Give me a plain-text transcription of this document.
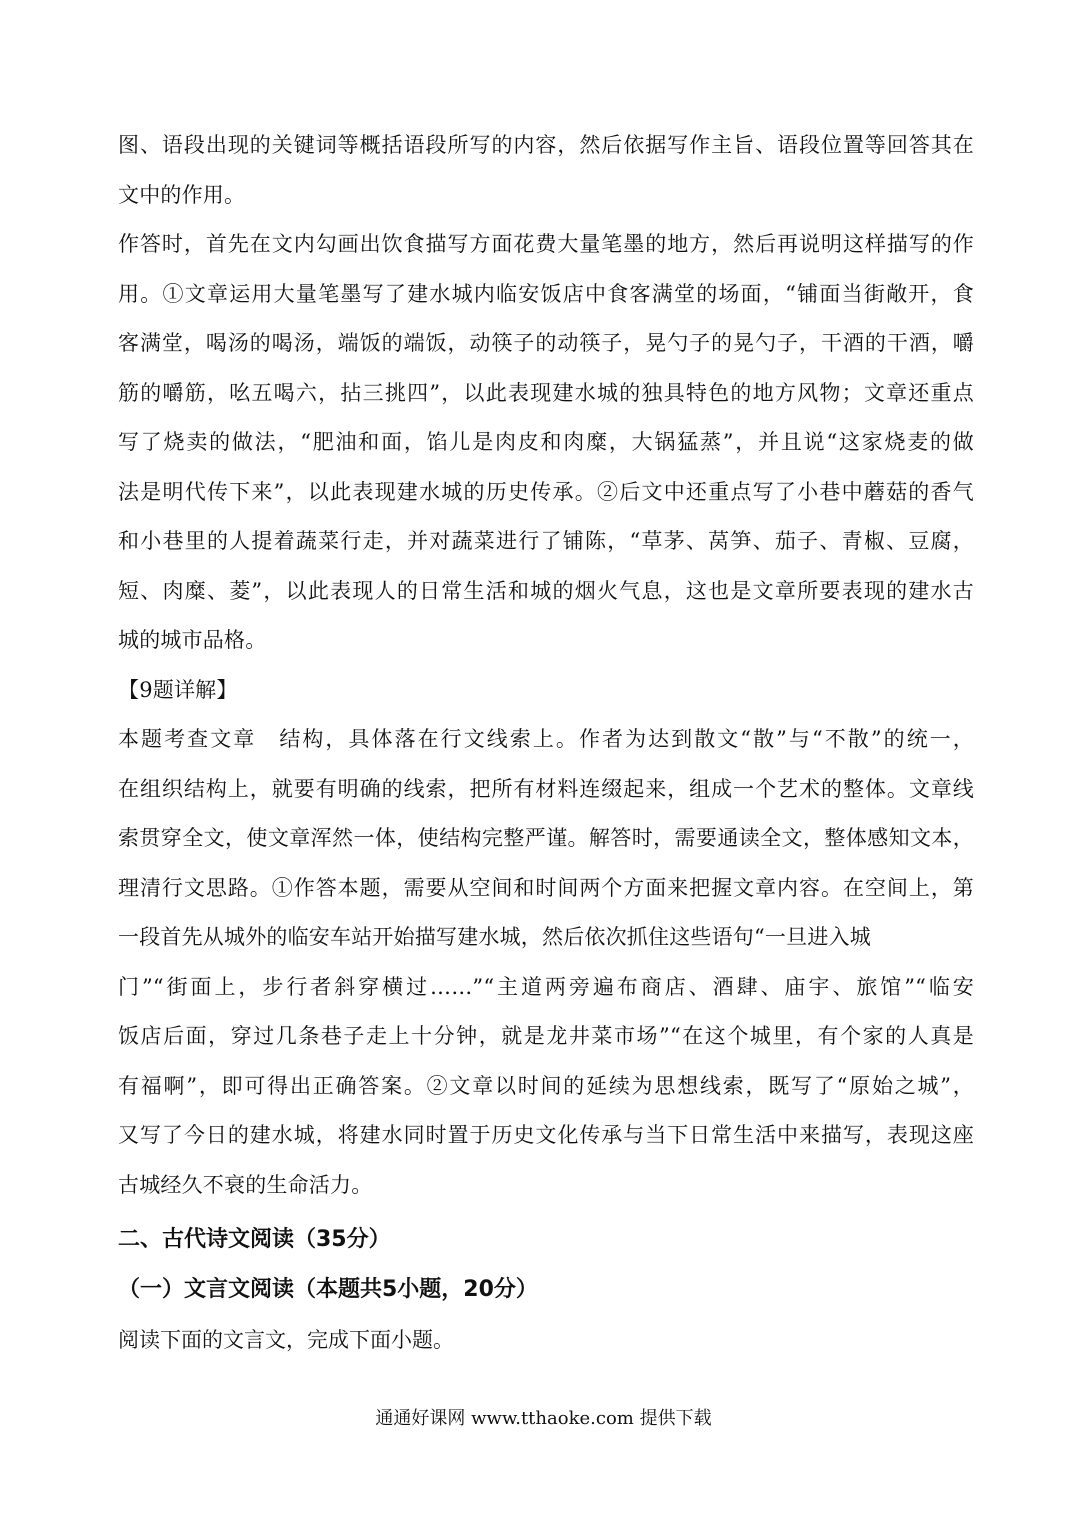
图、语段出现的关键词等概括语段所写的内容，然后依据写作主旨、语段位置等回答其在
文中的作用。
作答时，首先在文内勾画出饮食描写方面花费大量笔墨的地方，然后再说明这样描写的作
用。①文章运用大量笔墨写了建水城内临安饭店中食客满堂的场面，“铺面当街敞开，食
客满堂，喝汤的喝汤，端饭的端饭，动筷子的动筷子，晃勺子的晃勺子，干酒的干酒，嚼
筋的嚼筋，吆五喝六，拈三挑四”，以此表现建水城的独具特色的地方风物；文章还重点
写了烧卖的做法，“肥油和面，馅儿是肉皮和肉糜，大锅猛蒸”，并且说“这家烧麦的做
法是明代传下来”，以此表现建水城的历史传承。②后文中还重点写了小巷中蘑菇的香气
和小巷里的人提着蔬菜行走，并对蔬菜进行了铺陈，“草茅、莴笋、茄子、青椒、豆腐，
短、肉糜、菱”，以此表现人的日常生活和城的烟火气息，这也是文章所要表现的建水古
城的城市品格。
【9题详解】
本题考查文章　结构，具体落在行文线索上。作者为达到散文“散”与“不散”的统一，
在组织结构上，就要有明确的线索，把所有材料连缀起来，组成一个艺术的整体。文章线
索贯穿全文，使文章浑然一体，使结构完整严谨。解答时，需要通读全文，整体感知文本，
理清行文思路。①作答本题，需要从空间和时间两个方面来把握文章内容。在空间上，第
一段首先从城外的临安车站开始描写建水城，然后依次抓住这些语句“一旦进入城
门”“街面上，步行者斜穿横过……”“主道两旁遍布商店、酒肆、庙宇、旅馆”“临安
饭店后面，穿过几条巷子走上十分钟，就是龙井菜市场”“在这个城里，有个家的人真是
有福啊”，即可得出正确答案。②文章以时间的延续为思想线索，既写了“原始之城”，
又写了今日的建水城，将建水同时置于历史文化传承与当下日常生活中来描写，表现这座
古城经久不衰的生命活力。
二、古代诗文阅读（35分）
（一）文言文阅读（本题共5小题，20分）
阅读下面的文言文，完成下面小题。
通通好课网 www.tthaoke.com 提供下载
